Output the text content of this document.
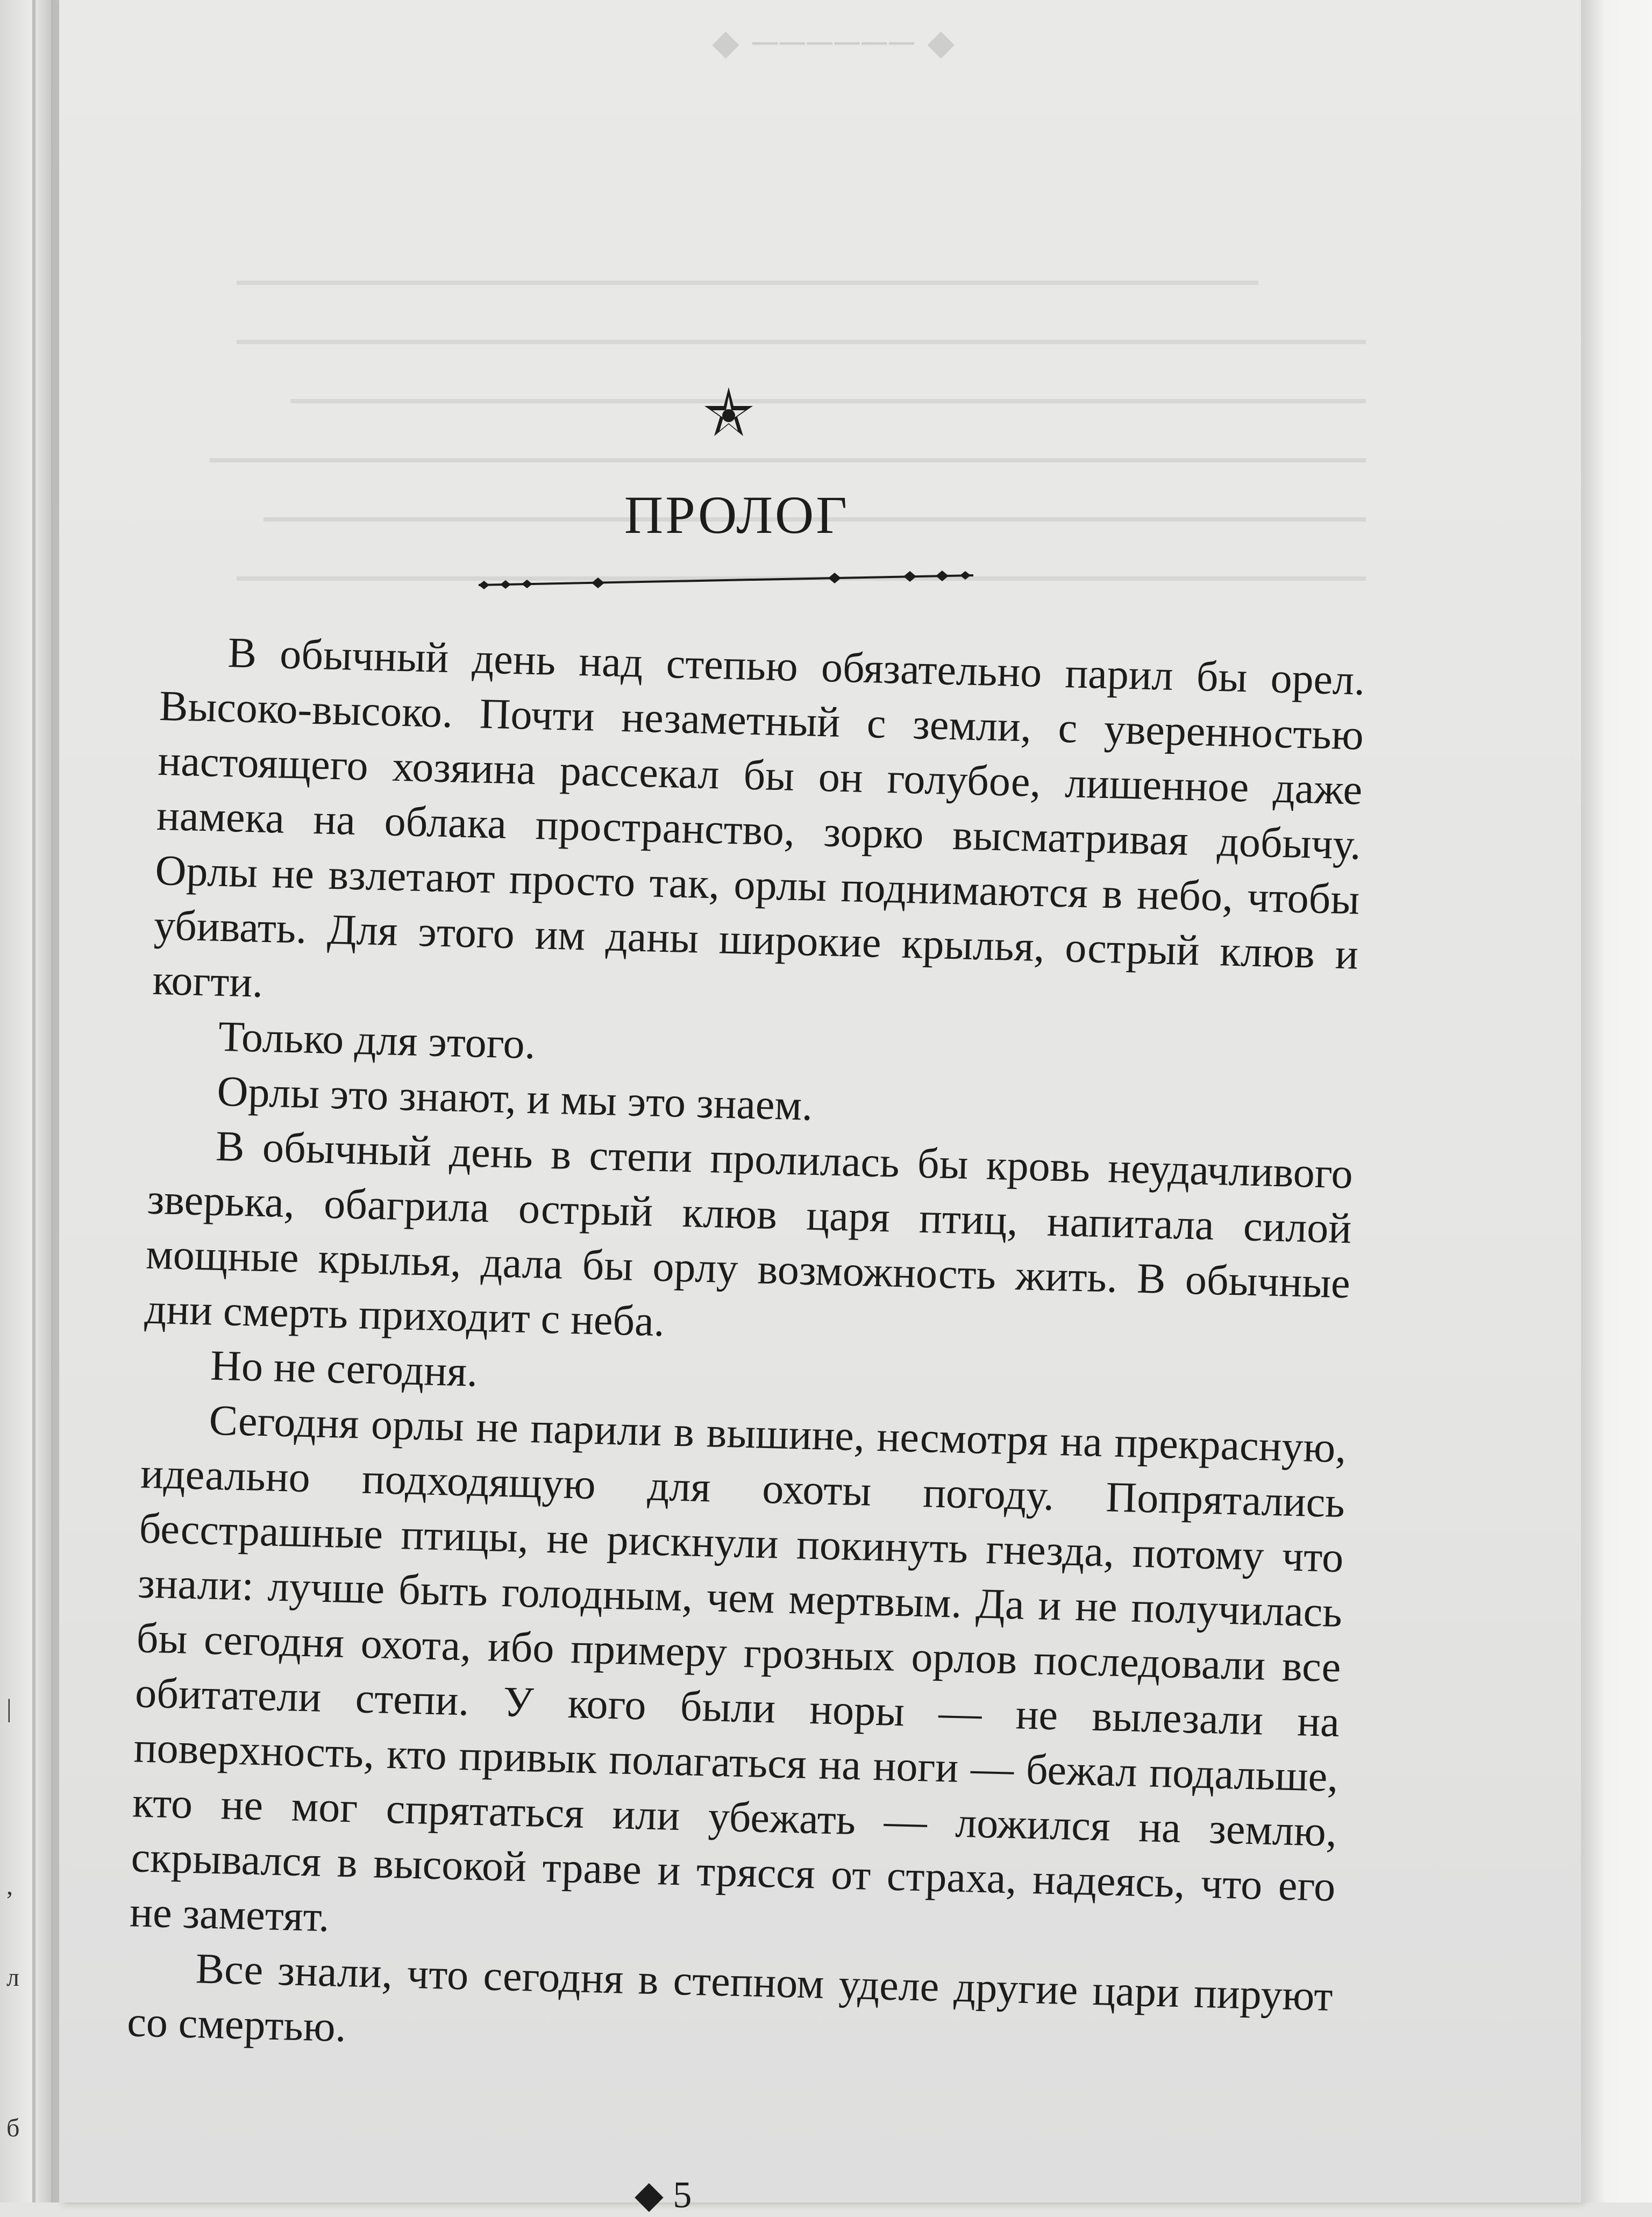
|
,
л
б
◆ ────── ◆
ПРОЛОГ

В обычный день над степью обязательно парил бы орел. Высоко-высоко. Почти незаметный с земли, с уверенностью настоящего хозяина рассекал бы он голубое, лишенное даже намека на облака пространство, зорко высматривая добычу. Орлы не взлетают просто так, орлы поднимаются в небо, чтобы убивать. Для этого им даны широкие крылья, острый клюв и когти.

Только для этого.

Орлы это знают, и мы это знаем.

В обычный день в степи пролилась бы кровь неудачливого зверька, обагрила острый клюв царя птиц, напитала силой мощные крылья, дала бы орлу возможность жить. В обычные дни смерть приходит с неба.

Но не сегодня.

Сегодня орлы не парили в вышине, несмотря на прекрасную, идеально подходящую для охоты погоду. Попрятались бесстрашные птицы, не рискнули покинуть гнезда, потому что знали: лучше быть голодным, чем мертвым. Да и не получилась бы сегодня охота, ибо примеру грозных орлов последовали все обитатели степи. У кого были норы — не вылезали на поверхность, кто привык полагаться на ноги — бежал подальше, кто не мог спрятаться или убежать — ложился на землю, скрывался в высокой траве и трясся от страха, надеясь, что его не заметят.

Все знали, что сегодня в степном уделе другие цари пируют со смертью.

◆ 5
